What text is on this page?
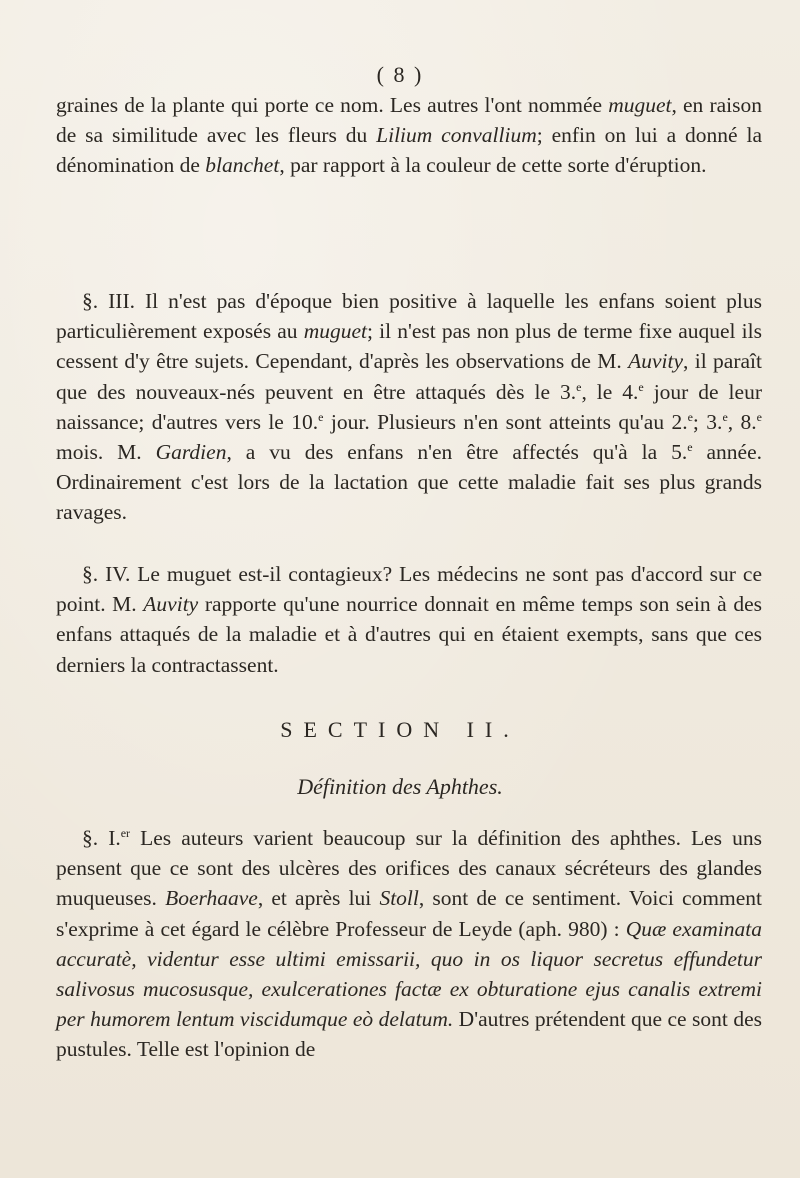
( 8 )

graines de la plante qui porte ce nom. Les autres l'ont nommée muguet, en raison de sa similitude avec les fleurs du Lilium convallium; enfin on lui a donné la dénomination de blanchet, par rapport à la couleur de cette sorte d'éruption.

§. III. Il n'est pas d'époque bien positive à laquelle les enfans soient plus particulièrement exposés au muguet; il n'est pas non plus de terme fixe auquel ils cessent d'y être sujets. Cependant, d'après les observations de M. Auvity, il paraît que des nouveaux-nés peuvent en être attaqués dès le 3.$^e$, le 4.$^e$ jour de leur naissance; d'autres vers le 10.$^e$ jour. Plusieurs n'en sont atteints qu'au 2.$^e$; 3.$^e$, 8.$^e$ mois. M. Gardien, a vu des enfans n'en être affectés qu'à la 5.$^e$ année. Ordinairement c'est lors de la lactation que cette maladie fait ses plus grands ravages.

§. IV. Le muguet est-il contagieux? Les médecins ne sont pas d'accord sur ce point. M. Auvity rapporte qu'une nourrice donnait en même temps son sein à des enfans attaqués de la maladie et à d'autres qui en étaient exempts, sans que ces derniers la contractassent.

SECTION II.
Définition des Aphthes.

§. I.$^{er}$ Les auteurs varient beaucoup sur la définition des aphthes. Les uns pensent que ce sont des ulcères des orifices des canaux sécréteurs des glandes muqueuses. Boerhaave, et après lui Stoll, sont de ce sentiment. Voici comment s'exprime à cet égard le célèbre Professeur de Leyde (aph. 980) : Quæ examinata accuratè, videntur esse ultimi emissarii, quo in os liquor secretus effundetur salivosus mucosusque, exulcerationes factæ ex obturatione ejus canalis extremi per humorem lentum viscidumque eò delatum. D'autres prétendent que ce sont des pustules. Telle est l'opinion de
